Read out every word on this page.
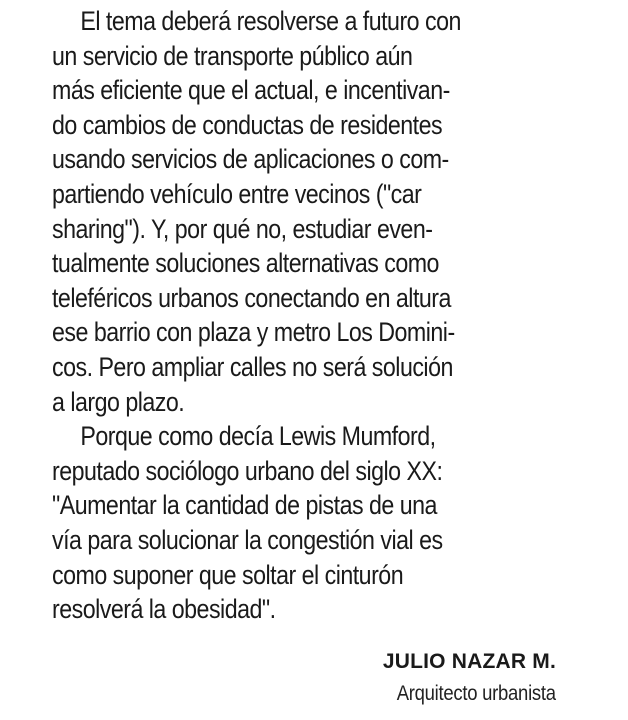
El tema deberá resolverse a futuro con
un servicio de transporte público aún
más eficiente que el actual, e incentivan-
do cambios de conductas de residentes
usando servicios de aplicaciones o com-
partiendo vehículo entre vecinos ("car
sharing"). Y, por qué no, estudiar even-
tualmente soluciones alternativas como
teleféricos urbanos conectando en altura
ese barrio con plaza y metro Los Domini-
cos. Pero ampliar calles no será solución
a largo plazo.
Porque como decía Lewis Mumford,
reputado sociólogo urbano del siglo XX:
"Aumentar la cantidad de pistas de una
vía para solucionar la congestión vial es
como suponer que soltar el cinturón
resolverá la obesidad".
JULIO NAZAR M.
Arquitecto urbanista
